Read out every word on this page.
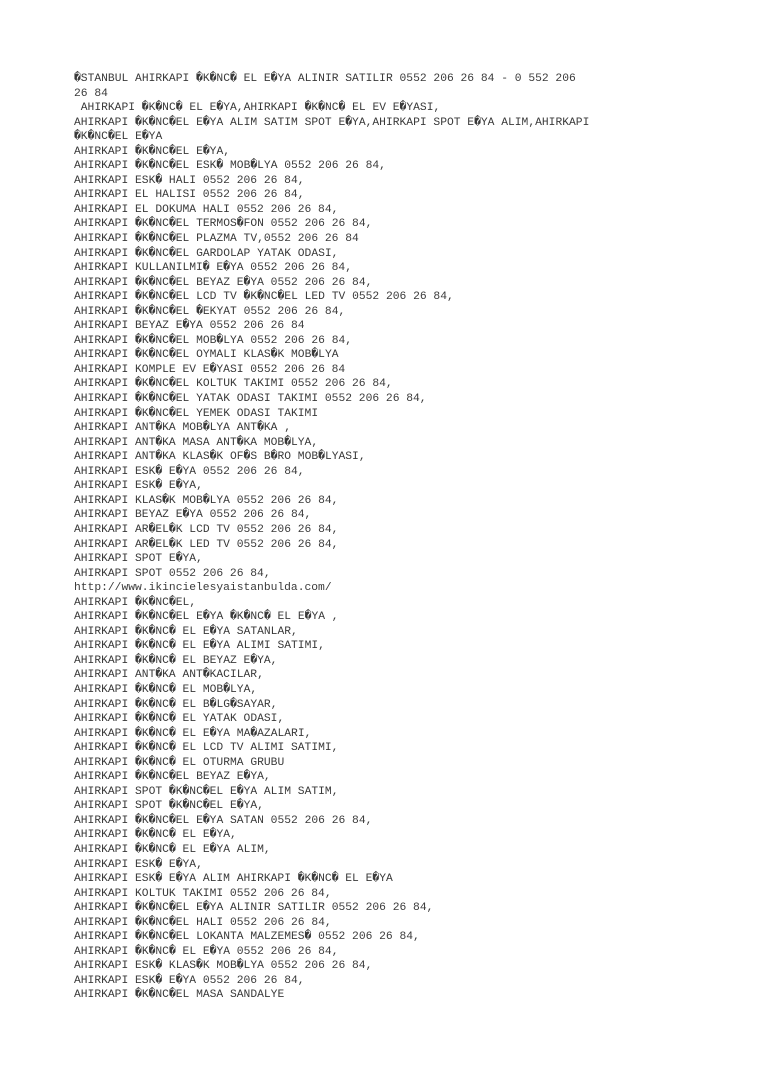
�STANBUL AHIRKAPI �K�NC� EL E�YA ALINIR SATILIR 0552 206 26 84 - 0 552 206
26 84
AHIRKAPI �K�NC� EL E�YA,AHIRKAPI �K�NC� EL EV E�YASI,
AHIRKAPI �K�NC�EL E�YA ALIM SATIM SPOT E�YA,AHIRKAPI SPOT E�YA ALIM,AHIRKAPI
�K�NC�EL E�YA
AHIRKAPI �K�NC�EL E�YA,
AHIRKAPI �K�NC�EL ESK� MOB�LYA 0552 206 26 84,
AHIRKAPI ESK� HALI 0552 206 26 84,
AHIRKAPI EL HALISI 0552 206 26 84,
AHIRKAPI EL DOKUMA HALI 0552 206 26 84,
AHIRKAPI �K�NC�EL TERMOS�FON 0552 206 26 84,
AHIRKAPI �K�NC�EL PLAZMA TV,0552 206 26 84
AHIRKAPI �K�NC�EL GARDOLAP YATAK ODASI,
AHIRKAPI KULLANILMI� E�YA 0552 206 26 84,
AHIRKAPI �K�NC�EL BEYAZ E�YA 0552 206 26 84,
AHIRKAPI �K�NC�EL LCD TV �K�NC�EL LED TV 0552 206 26 84,
AHIRKAPI �K�NC�EL �EKYAT 0552 206 26 84,
AHIRKAPI BEYAZ E�YA 0552 206 26 84
AHIRKAPI �K�NC�EL MOB�LYA 0552 206 26 84,
AHIRKAPI �K�NC�EL OYMALI KLAS�K MOB�LYA
AHIRKAPI KOMPLE EV E�YASI 0552 206 26 84
AHIRKAPI �K�NC�EL KOLTUK TAKIMI 0552 206 26 84,
AHIRKAPI �K�NC�EL YATAK ODASI TAKIMI 0552 206 26 84,
AHIRKAPI �K�NC�EL YEMEK ODASI TAKIMI
AHIRKAPI ANT�KA MOB�LYA ANT�KA ,
AHIRKAPI ANT�KA MASA ANT�KA MOB�LYA,
AHIRKAPI ANT�KA KLAS�K OF�S B�RO MOB�LYASI,
AHIRKAPI ESK� E�YA 0552 206 26 84,
AHIRKAPI ESK� E�YA,
AHIRKAPI KLAS�K MOB�LYA 0552 206 26 84,
AHIRKAPI BEYAZ E�YA 0552 206 26 84,
AHIRKAPI AR�EL�K LCD TV 0552 206 26 84,
AHIRKAPI AR�EL�K LED TV 0552 206 26 84,
AHIRKAPI SPOT E�YA,
AHIRKAPI SPOT 0552 206 26 84,
http://www.ikincielesyaistanbulda.com/
AHIRKAPI �K�NC�EL,
AHIRKAPI �K�NC�EL E�YA �K�NC� EL E�YA ,
AHIRKAPI �K�NC� EL E�YA SATANLAR,
AHIRKAPI �K�NC� EL E�YA ALIMI SATIMI,
AHIRKAPI �K�NC� EL BEYAZ E�YA,
AHIRKAPI ANT�KA ANT�KACILAR,
AHIRKAPI �K�NC� EL MOB�LYA,
AHIRKAPI �K�NC� EL B�LG�SAYAR,
AHIRKAPI �K�NC� EL YATAK ODASI,
AHIRKAPI �K�NC� EL E�YA MA�AZALARI,
AHIRKAPI �K�NC� EL LCD TV ALIMI SATIMI,
AHIRKAPI �K�NC� EL OTURMA GRUBU
AHIRKAPI �K�NC�EL BEYAZ E�YA,
AHIRKAPI SPOT �K�NC�EL E�YA ALIM SATIM,
AHIRKAPI SPOT �K�NC�EL E�YA,
AHIRKAPI �K�NC�EL E�YA SATAN 0552 206 26 84,
AHIRKAPI �K�NC� EL E�YA,
AHIRKAPI �K�NC� EL E�YA ALIM,
AHIRKAPI ESK� E�YA,
AHIRKAPI ESK� E�YA ALIM AHIRKAPI �K�NC� EL E�YA
AHIRKAPI KOLTUK TAKIMI 0552 206 26 84,
AHIRKAPI �K�NC�EL E�YA ALINIR SATILIR 0552 206 26 84,
AHIRKAPI �K�NC�EL HALI 0552 206 26 84,
AHIRKAPI �K�NC�EL LOKANTA MALZEMES� 0552 206 26 84,
AHIRKAPI �K�NC� EL E�YA 0552 206 26 84,
AHIRKAPI ESK� KLAS�K MOB�LYA 0552 206 26 84,
AHIRKAPI ESK� E�YA 0552 206 26 84,
AHIRKAPI �K�NC�EL MASA SANDALYE
